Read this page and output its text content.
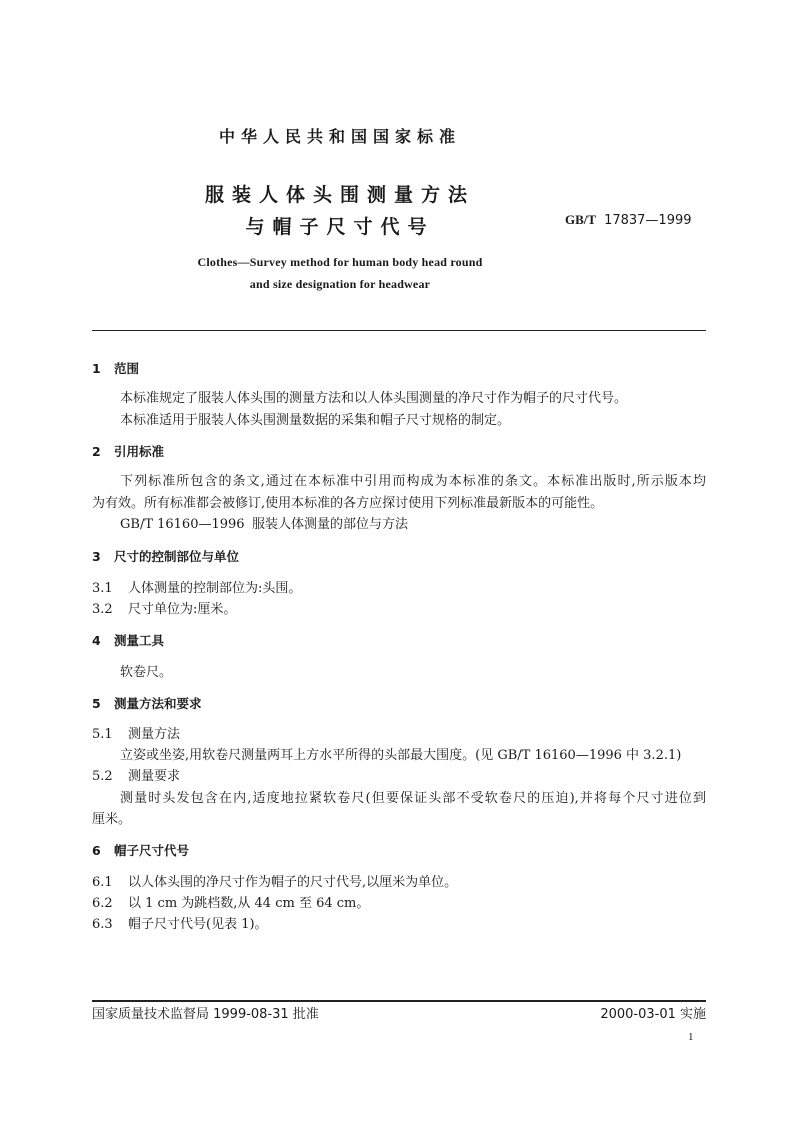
中华人民共和国国家标准
服装人体头围测量方法
与帽子尺寸代号	GB/T 17837—1999
Clothes—Survey method for human body head round
and size designation for headwear
1 范围
本标准规定了服装人体头围的测量方法和以人体头围测量的净尺寸作为帽子的尺寸代号。
本标准适用于服装人体头围测量数据的采集和帽子尺寸规格的制定。
2 引用标准
下列标准所包含的条文,通过在本标准中引用而构成为本标准的条文。本标准出版时,所示版本均
为有效。所有标准都会被修订,使用本标准的各方应探讨使用下列标准最新版本的可能性。
GB/T 16160—1996 服装人体测量的部位与方法
3 尺寸的控制部位与单位
3.1 人体测量的控制部位为:头围。
3.2 尺寸单位为:厘米。
4 测量工具
软卷尺。
5 测量方法和要求
5.1 测量方法
立姿或坐姿,用软卷尺测量两耳上方水平所得的头部最大围度。(见 GB/T 16160—1996 中 3.2.1)
5.2 测量要求
测量时头发包含在内,适度地拉紧软卷尺(但要保证头部不受软卷尺的压迫),并将每个尺寸进位到
厘米。
6 帽子尺寸代号
6.1 以人体头围的净尺寸作为帽子的尺寸代号,以厘米为单位。
6.2 以 1 cm 为跳档数,从 44 cm 至 64 cm。
6.3 帽子尺寸代号(见表 1)。
国家质量技术监督局 1999-08-31 批准	2000-03-01 实施
1
